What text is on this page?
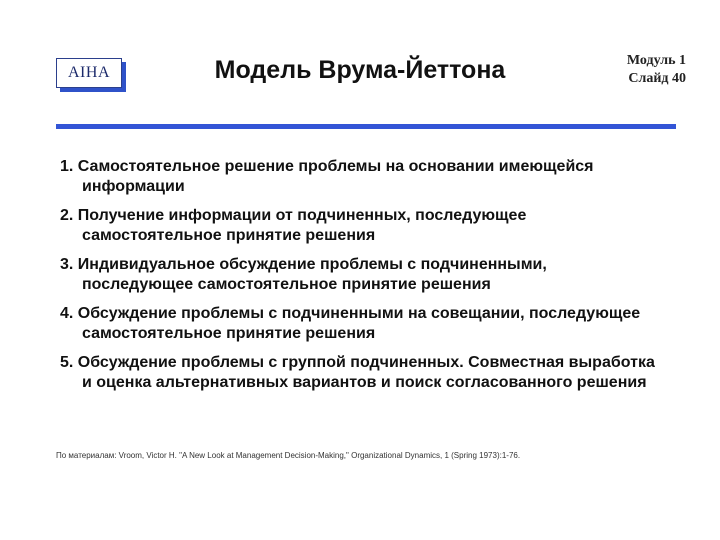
AIHA	Модель Врума-Йеттона	Модуль 1
Слайд 40
1. Самостоятельное решение проблемы на основании имеющейся информации
2. Получение информации от подчиненных, последующее самостоятельное принятие решения
3. Индивидуальное обсуждение проблемы с подчиненными, последующее самостоятельное принятие решения
4. Обсуждение проблемы с подчиненными на совещании, последующее самостоятельное принятие решения
5. Обсуждение проблемы с группой подчиненных. Совместная выработка и оценка альтернативных вариантов и поиск согласованного решения
По материалам: Vroom, Victor H. "A New Look at Management Decision-Making," Organizational Dynamics, 1 (Spring 1973):1-76.
